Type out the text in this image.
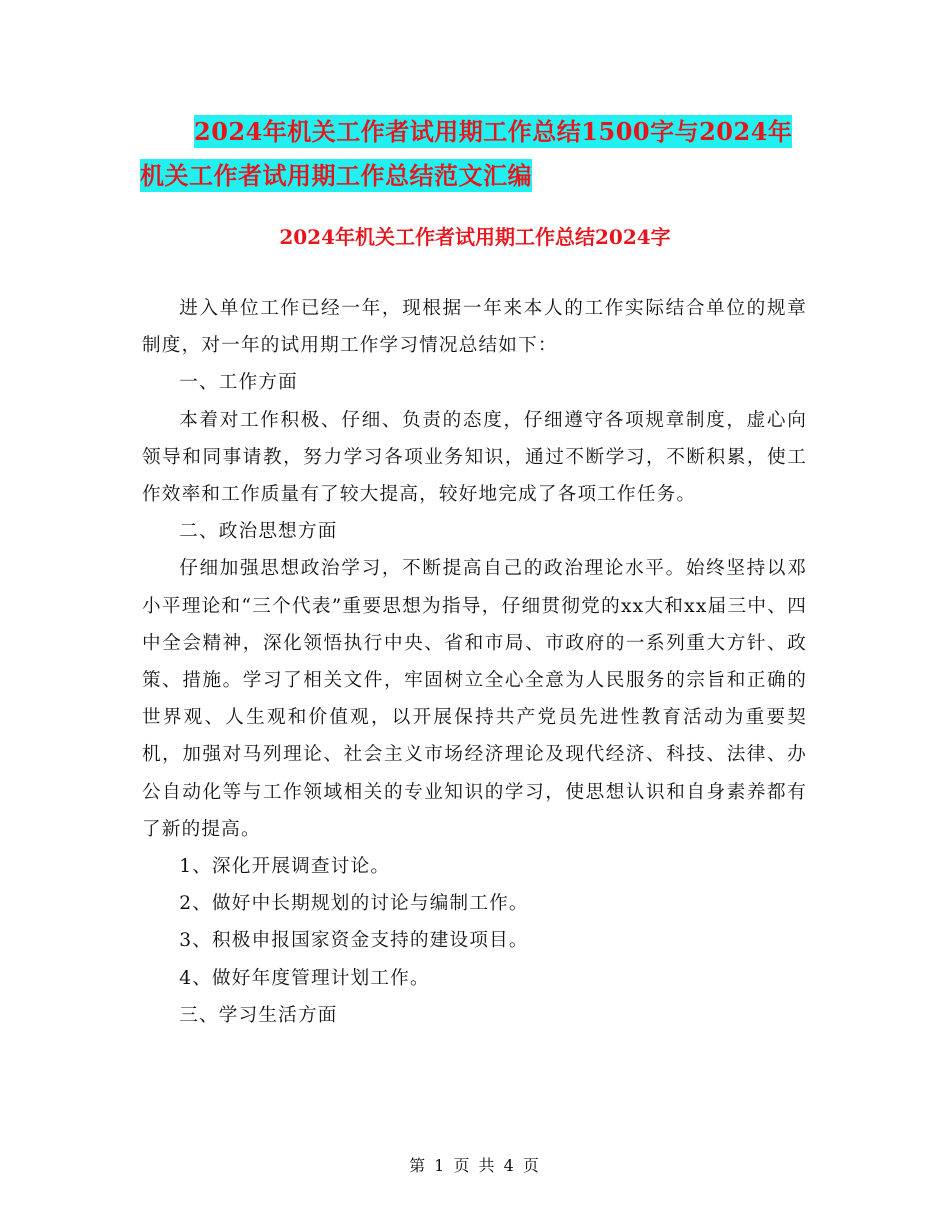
2024年机关工作者试用期工作总结1500字与2024年
机关工作者试用期工作总结范文汇编
2024年机关工作者试用期工作总结2024字

进入单位工作已经一年，现根据一年来本人的工作实际结合单位的规章制度，对一年的试用期工作学习情况总结如下：

一、工作方面

本着对工作积极、仔细、负责的态度，仔细遵守各项规章制度，虚心向领导和同事请教，努力学习各项业务知识，通过不断学习，不断积累，使工作效率和工作质量有了较大提高，较好地完成了各项工作任务。

二、政治思想方面

仔细加强思想政治学习，不断提高自己的政治理论水平。始终坚持以邓小平理论和“三个代表”重要思想为指导，仔细贯彻党的xx大和xx届三中、四中全会精神，深化领悟执行中央、省和市局、市政府的一系列重大方针、政策、措施。学习了相关文件，牢固树立全心全意为人民服务的宗旨和正确的世界观、人生观和价值观，以开展保持共产党员先进性教育活动为重要契机，加强对马列理论、社会主义市场经济理论及现代经济、科技、法律、办公自动化等与工作领域相关的专业知识的学习，使思想认识和自身素养都有了新的提高。

1、深化开展调查讨论。

2、做好中长期规划的讨论与编制工作。

3、积极申报国家资金支持的建设项目。

4、做好年度管理计划工作。

三、学习生活方面

第 1 页 共 4 页
